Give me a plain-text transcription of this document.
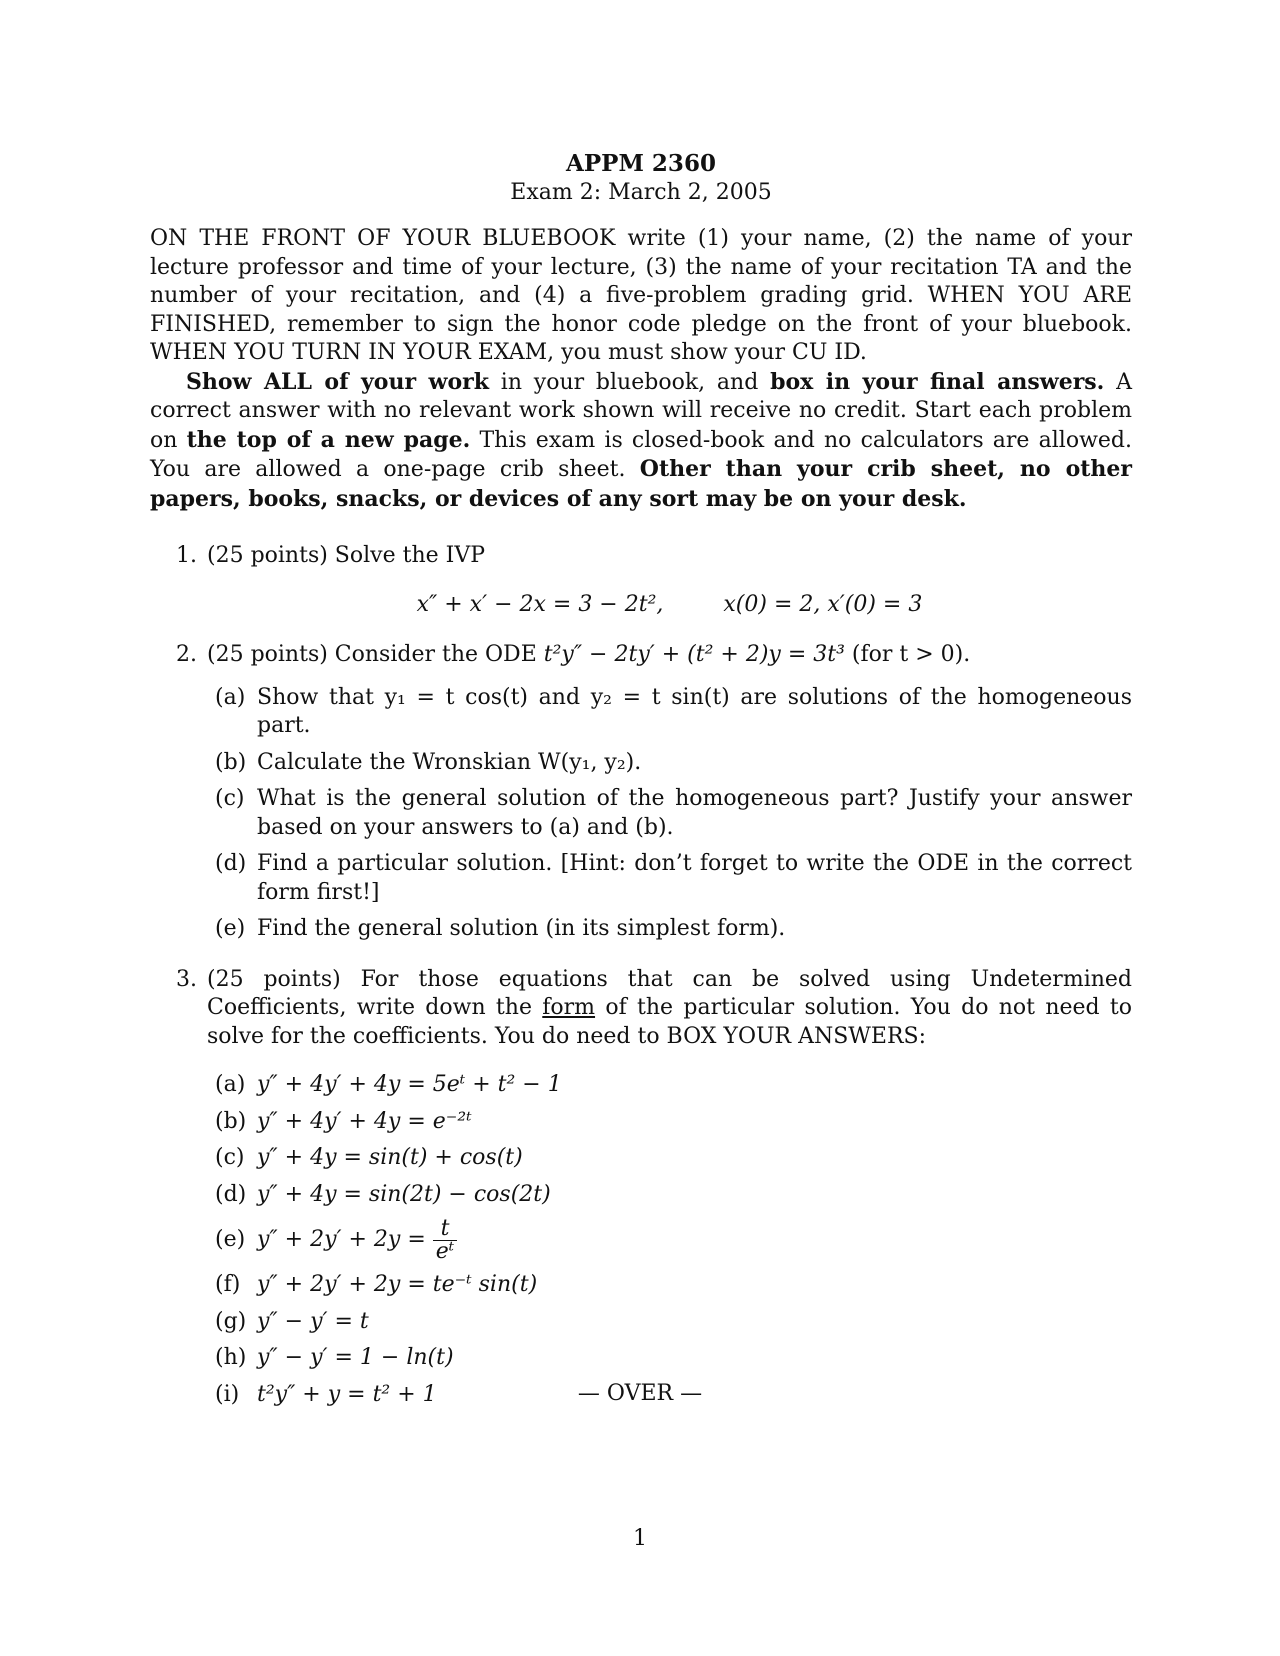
APPM 2360
Exam 2: March 2, 2005

ON THE FRONT OF YOUR BLUEBOOK write (1) your name, (2) the name of your lecture professor and time of your lecture, (3) the name of your recitation TA and the number of your recitation, and (4) a five-problem grading grid. WHEN YOU ARE FINISHED, remember to sign the honor code pledge on the front of your bluebook. WHEN YOU TURN IN YOUR EXAM, you must show your CU ID.

Show ALL of your work in your bluebook, and box in your final answers. A correct answer with no relevant work shown will receive no credit. Start each problem on the top of a new page. This exam is closed-book and no calculators are allowed. You are allowed a one-page crib sheet. Other than your crib sheet, no other papers, books, snacks, or devices of any sort may be on your desk.

1. (25 points) Solve the IVP
x″ + x′ − 2x = 3 − 2t²,	x(0) = 2, x′(0) = 3
2. (25 points) Consider the ODE t²y″ − 2ty′ + (t² + 2)y = 3t³ (for t > 0).
(a) Show that y₁ = t cos(t) and y₂ = t sin(t) are solutions of the homogeneous part.
(b) Calculate the Wronskian W(y₁, y₂).
(c) What is the general solution of the homogeneous part? Justify your answer based on your answers to (a) and (b).
(d) Find a particular solution. [Hint: don’t forget to write the ODE in the correct form first!]
(e) Find the general solution (in its simplest form).
3. (25 points) For those equations that can be solved using Undetermined Coefficients, write down the form of the particular solution. You do not need to solve for the coefficients. You do need to BOX YOUR ANSWERS:
(a) y″ + 4y′ + 4y = 5eᵗ + t² − 1
(b) y″ + 4y′ + 4y = e⁻²ᵗ
(c) y″ + 4y = sin(t) + cos(t)
(d) y″ + 4y = sin(2t) − cos(2t)
(e) $y'' + 2y' + 2y = \frac{t}{\text{eᵗ}}$
(f) y″ + 2y′ + 2y = te⁻ᵗ sin(t)
(g) y″ − y′ = t
(h) y″ − y′ = 1 − ln(t)
(i) t²y″ + y = t² + 1	— OVER —
1
